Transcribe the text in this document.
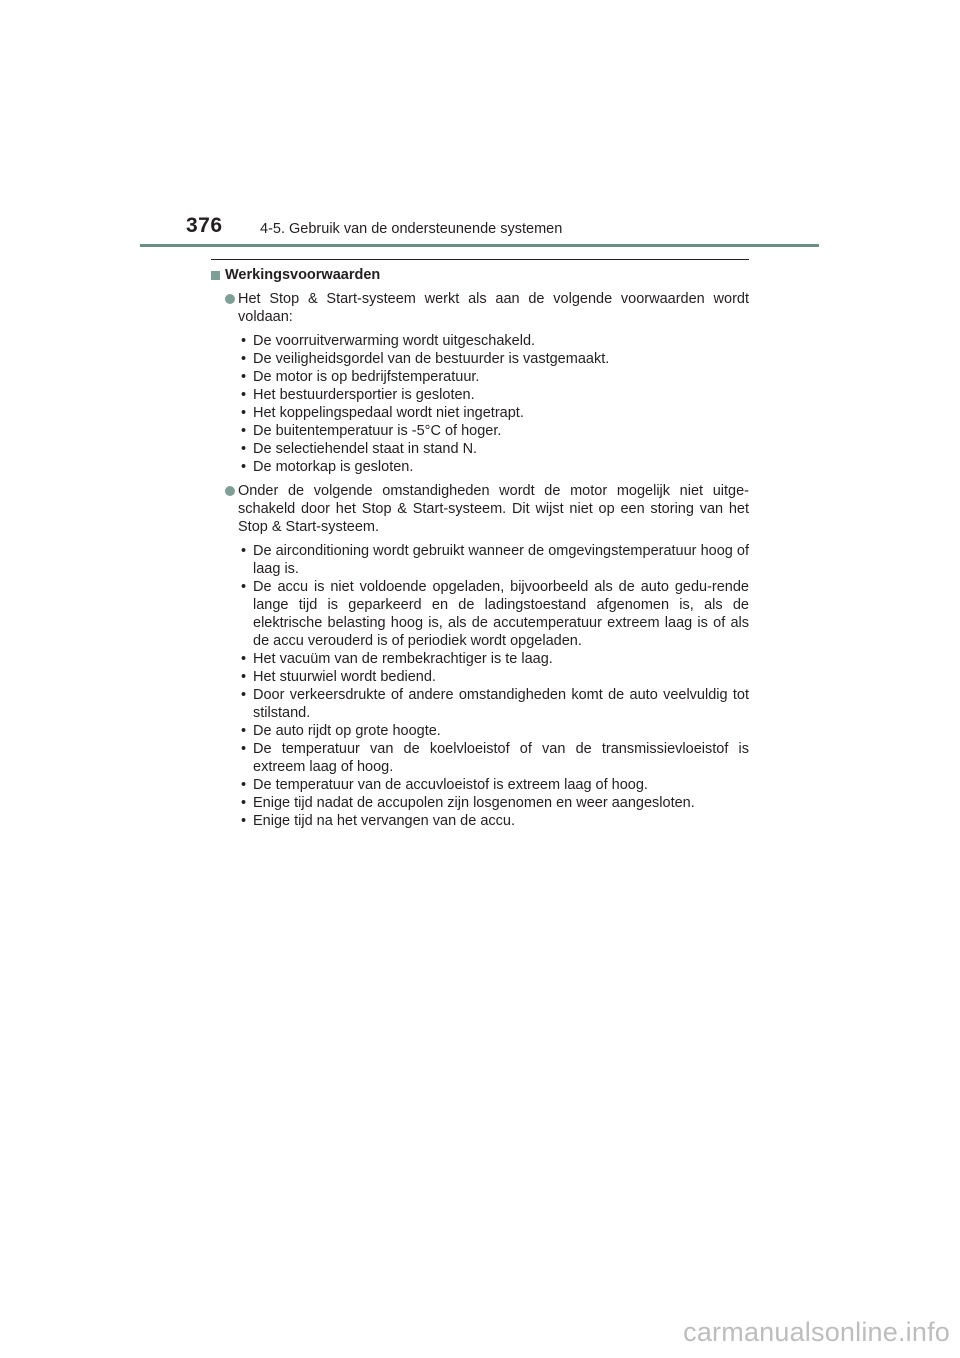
376	4-5. Gebruik van de ondersteunende systemen
Werkingsvoorwaarden
Het Stop & Start-systeem werkt als aan de volgende voorwaarden wordt voldaan:
• De voorruitverwarming wordt uitgeschakeld.
• De veiligheidsgordel van de bestuurder is vastgemaakt.
• De motor is op bedrijfstemperatuur.
• Het bestuurdersportier is gesloten.
• Het koppelingspedaal wordt niet ingetrapt.
• De buitentemperatuur is -5°C of hoger.
• De selectiehendel staat in stand N.
• De motorkap is gesloten.
Onder de volgende omstandigheden wordt de motor mogelijk niet uitge-schakeld door het Stop & Start-systeem. Dit wijst niet op een storing van het Stop & Start-systeem.
• De airconditioning wordt gebruikt wanneer de omgevingstemperatuur hoog of laag is.
• De accu is niet voldoende opgeladen, bijvoorbeeld als de auto gedu-rende lange tijd is geparkeerd en de ladingstoestand afgenomen is, als de elektrische belasting hoog is, als de accutemperatuur extreem laag is of als de accu verouderd is of periodiek wordt opgeladen.
• Het vacuüm van de rembekrachtiger is te laag.
• Het stuurwiel wordt bediend.
• Door verkeersdrukte of andere omstandigheden komt de auto veelvuldig tot stilstand.
• De auto rijdt op grote hoogte.
• De temperatuur van de koelvloeistof of van de transmissievloeistof is extreem laag of hoog.
• De temperatuur van de accuvloeistof is extreem laag of hoog.
• Enige tijd nadat de accupolen zijn losgenomen en weer aangesloten.
• Enige tijd na het vervangen van de accu.
carmanualsonline.info
